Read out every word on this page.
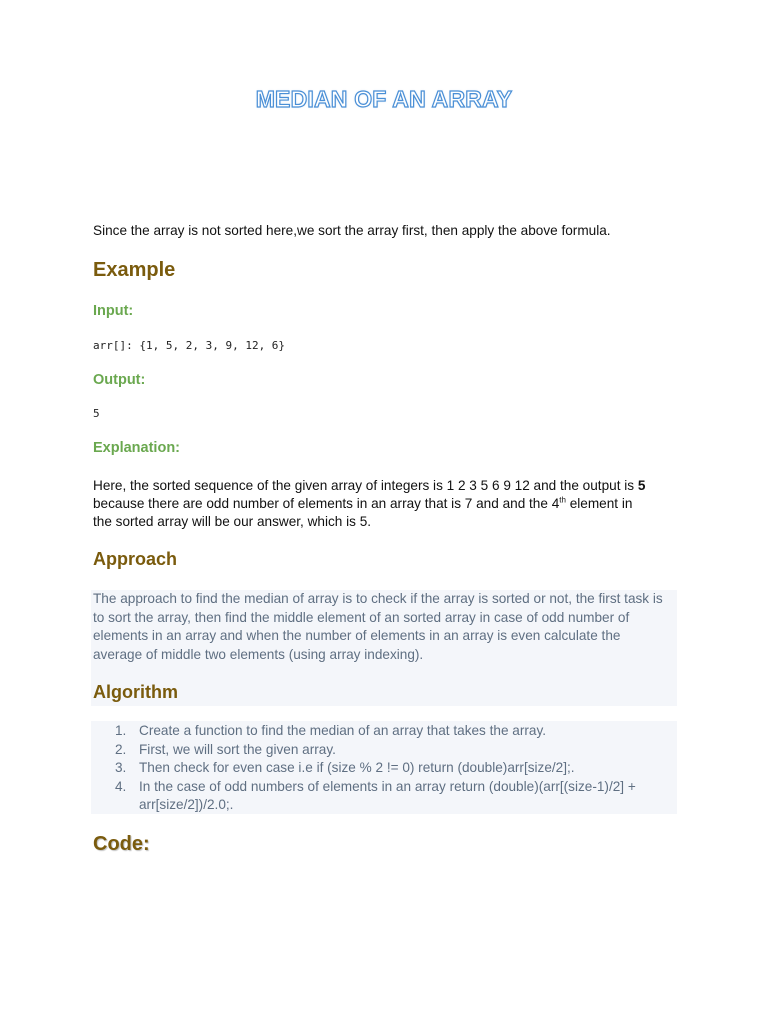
MEDIAN OF AN ARRAY

Since the array is not sorted here,we sort the array first, then apply the above formula.

Example
Input:

arr[]: {1, 5, 2, 3, 9, 12, 6}

Output:

5

Explanation:

Here, the sorted sequence of the given array of integers is 1 2 3 5 6 9 12 and the output is 5 because there are odd number of elements in an array that is 7 and and the 4th element in the sorted array will be our answer, which is 5.

Approach

The approach to find the median of array is to check if the array is sorted or not, the first task is to sort the array, then find the middle element of an sorted array in case of odd number of elements in an array and when the number of elements in an array is even calculate the average of middle two elements (using array indexing).

Algorithm
1. Create a function to find the median of an array that takes the array.
2. First, we will sort the given array.
3. Then check for even case i.e if (size % 2 != 0) return (double)arr[size/2];.
4. In the case of odd numbers of elements in an array return (double)(arr[(size-1)/2] + arr[size/2])/2.0;.
Code:
